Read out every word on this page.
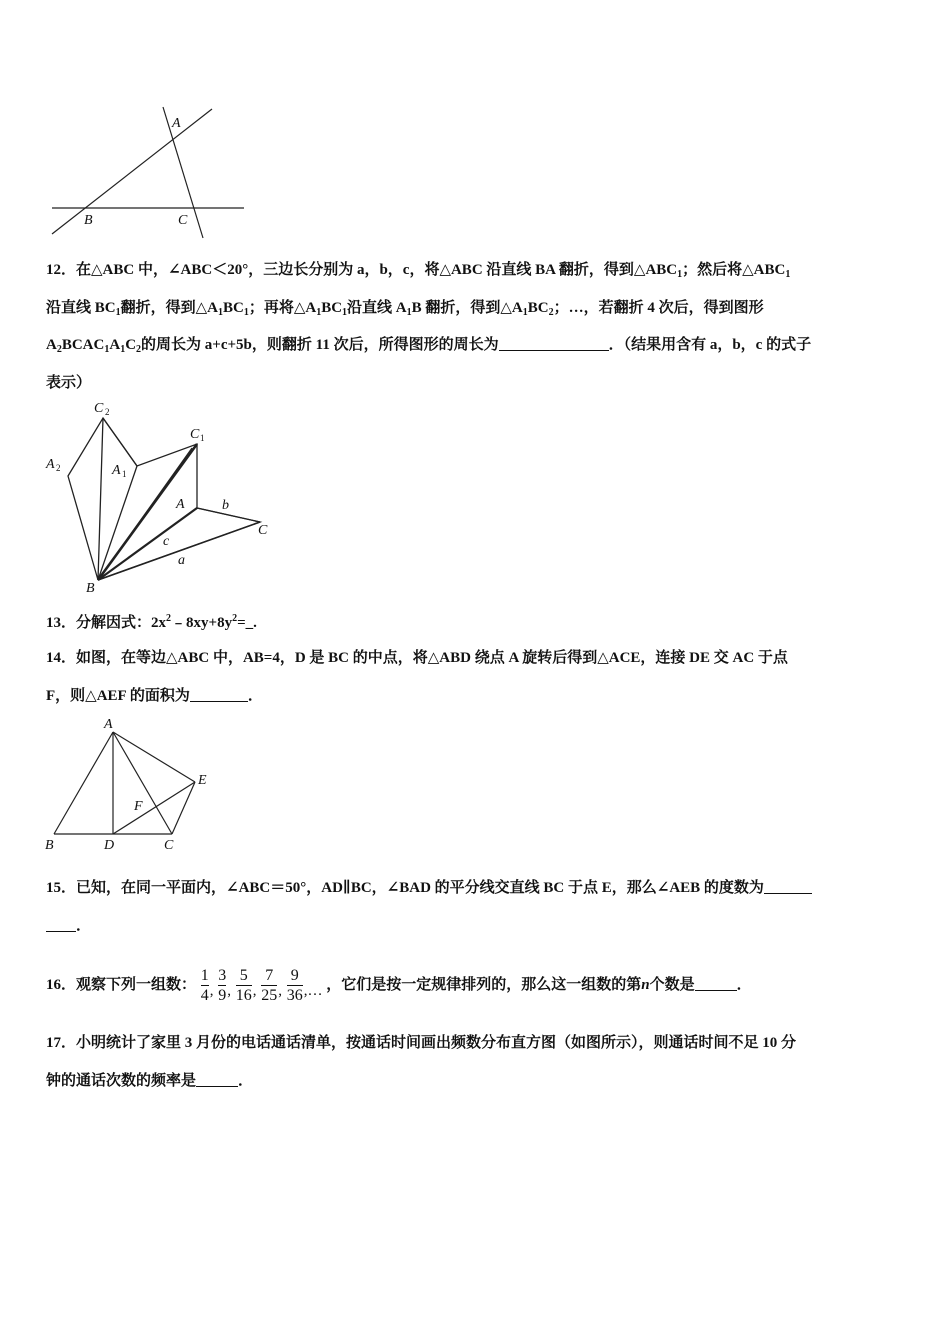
A
B	C
12．在△ABC 中，∠ABC＜20°，三边长分别为 a，b，c，将△ABC 沿直线 BA 翻折，得到$\triangle ABC_1$；然后将$\triangle ABC_1$
沿直线 $BC_1$翻折，得到$\triangle A_1BC_1$；再将$\triangle A_1BC_1$沿直线 $A_1B$ 翻折，得到$\triangle A_1BC_2$；…，若翻折 4 次后，得到图形
$A_2BCAC_1A_1C_2$的周长为 a+c+5b，则翻折 11 次后，所得图形的周长为	．（结果用含有 a，b，c 的式子
表示）
C 2
C 1
A 2	A 1
A	b
C
c
a
B
13．分解因式：$2x^2﹣8xy+8y^2=\_$.
14．如图，在等边△ABC 中，AB=4，D 是 BC 的中点，将△ABD 绕点 A 旋转后得到△ACE，连接 DE 交 AC 于点
F，则△AEF 的面积为	．
A
E
F
B	D	C
15．已知，在同一平面内，∠ABC＝50°，AD∥BC，∠BAD 的平分线交直线 BC 于点 E，那么∠AEB 的度数为
．
16．观察下列一组数： $\frac{1}{4}$ , $\frac{3}{9}$ , $\frac{5}{16}$ , $\frac{7}{25}$ , $\frac{9}{36}$ ,… ，它们是按一定规律排列的，那么这一组数的第n个数是	．
17．小明统计了家里 3 月份的电话通话清单，按通话时间画出频数分布直方图（如图所示），则通话时间不足 10 分
钟的通话次数的频率是	．
